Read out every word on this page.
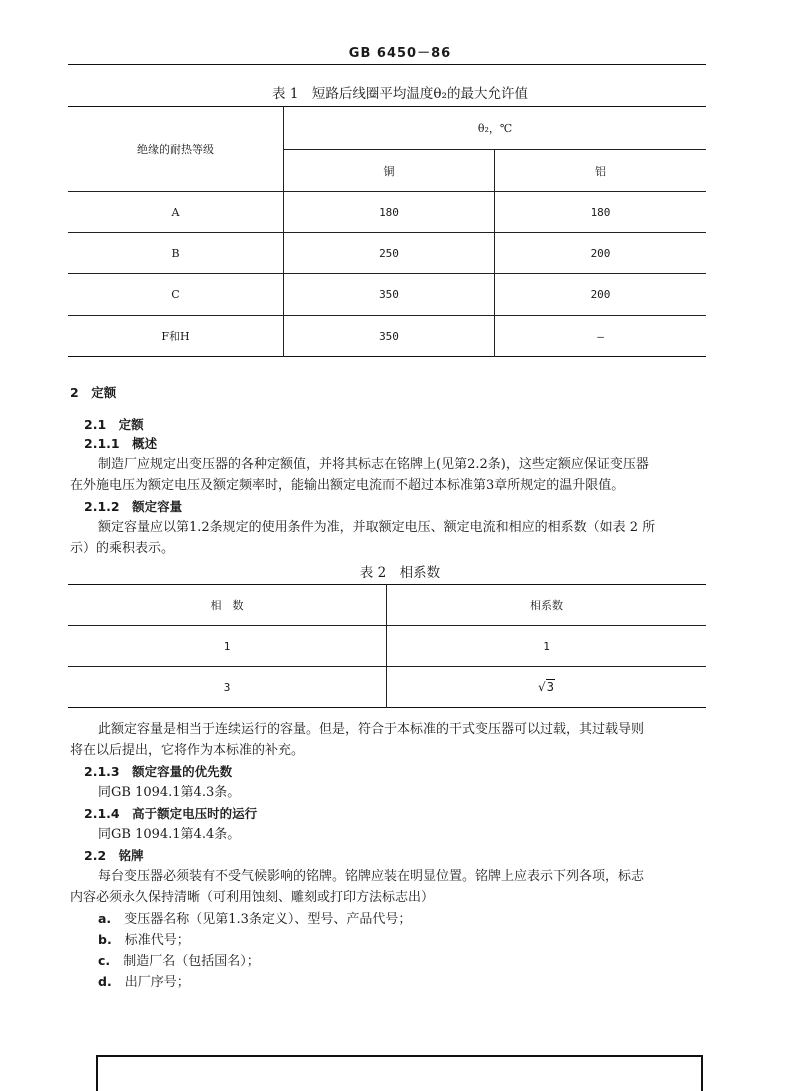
GB 6450－86
表 1　短路后线圈平均温度θ₂的最大允许值
绝缘的耐热等级	θ₂，℃	
	铜	铝
A	180	180
B	250	200
C	350	200
F和H	350	—
2　定额
2.1　定额
2.1.1　概述
制造厂应规定出变压器的各种定额值，并将其标志在铭牌上(见第2.2条)，这些定额应保证变压器
在外施电压为额定电压及额定频率时，能输出额定电流而不超过本标准第3章所规定的温升限值。
2.1.2　额定容量
额定容量应以第1.2条规定的使用条件为准，并取额定电压、额定电流和相应的相系数（如表 2 所
示）的乘积表示。
表 2　相系数
相　数	相系数
1	1
3	√3
此额定容量是相当于连续运行的容量。但是，符合于本标准的干式变压器可以过载，其过载导则
将在以后提出，它将作为本标准的补充。
2.1.3　额定容量的优先数
同GB 1094.1第4.3条。
2.1.4　高于额定电压时的运行
同GB 1094.1第4.4条。
2.2　铭牌
每台变压器必须装有不受气候影响的铭牌。铭牌应装在明显位置。铭牌上应表示下列各项，标志
内容必须永久保持清晰（可利用蚀刻、雕刻或打印方法标志出）
a.　 变压器名称（见第1.3条定义）、型号、产品代号；
b.　 标准代号；
c.　 制造厂名（包括国名）；
d.　 出厂序号；
